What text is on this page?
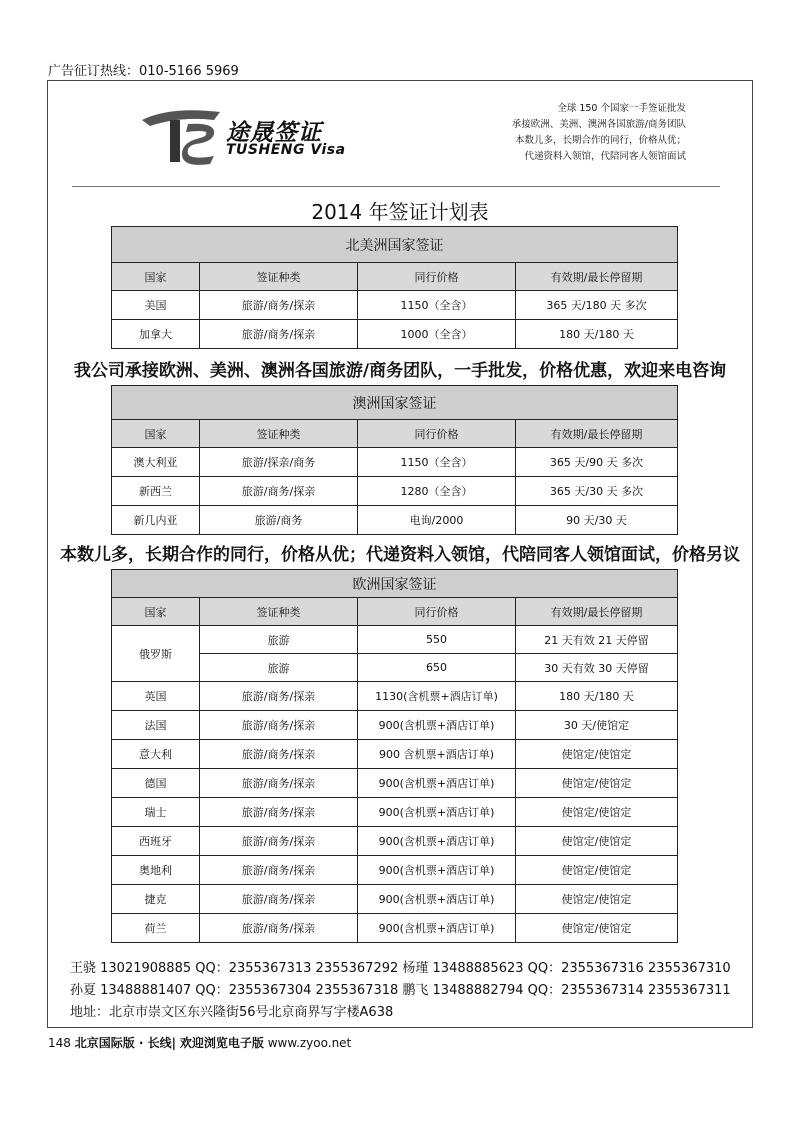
广告征订热线：010-5166 5969
途晟签证
TUSHENG Visa
全球 150 个国家一手签证批发
承接欧洲、美洲、澳洲各国旅游/商务团队
本数儿多，长期合作的同行，价格从优；
代递资料入领馆，代陪同客人领馆面试
2014 年签证计划表
北美洲国家签证			
国家	签证种类	同行价格	有效期/最长停留期
美国	旅游/商务/探亲	1150（全含）	365 天/180 天 多次
加拿大	旅游/商务/探亲	1000（全含）	180 天/180 天
我公司承接欧洲、美洲、澳洲各国旅游/商务团队，一手批发，价格优惠，欢迎来电咨询
澳洲国家签证			
国家	签证种类	同行价格	有效期/最长停留期
澳大利亚	旅游/探亲/商务	1150（全含）	365 天/90 天 多次
新西兰	旅游/商务/探亲	1280（全含）	365 天/30 天 多次
新几内亚	旅游/商务	电询/2000	90 天/30 天
本数儿多，长期合作的同行，价格从优；代递资料入领馆，代陪同客人领馆面试，价格另议
欧洲国家签证			
国家	签证种类	同行价格	有效期/最长停留期
俄罗斯	旅游	550	21 天有效 21 天停留
	旅游	650	30 天有效 30 天停留
英国	旅游/商务/探亲	1130(含机票+酒店订单)	180 天/180 天
法国	旅游/商务/探亲	900(含机票+酒店订单)	30 天/使馆定
意大利	旅游/商务/探亲	900 含机票+酒店订单)	使馆定/使馆定
德国	旅游/商务/探亲	900(含机票+酒店订单)	使馆定/使馆定
瑞士	旅游/商务/探亲	900(含机票+酒店订单)	使馆定/使馆定
西班牙	旅游/商务/探亲	900(含机票+酒店订单)	使馆定/使馆定
奥地利	旅游/商务/探亲	900(含机票+酒店订单)	使馆定/使馆定
捷克	旅游/商务/探亲	900(含机票+酒店订单)	使馆定/使馆定
荷兰	旅游/商务/探亲	900(含机票+酒店订单)	使馆定/使馆定
王骁 13021908885 QQ：2355367313 2355367292 杨瑾 13488885623 QQ：2355367316 2355367310
孙夏 13488881407 QQ：2355367304 2355367318 鹏飞 13488882794 QQ：2355367314 2355367311
地址：北京市崇文区东兴隆街56号北京商界写字楼A638
148 北京国际版 · 长线| 欢迎浏览电子版 www.zyoo.net
